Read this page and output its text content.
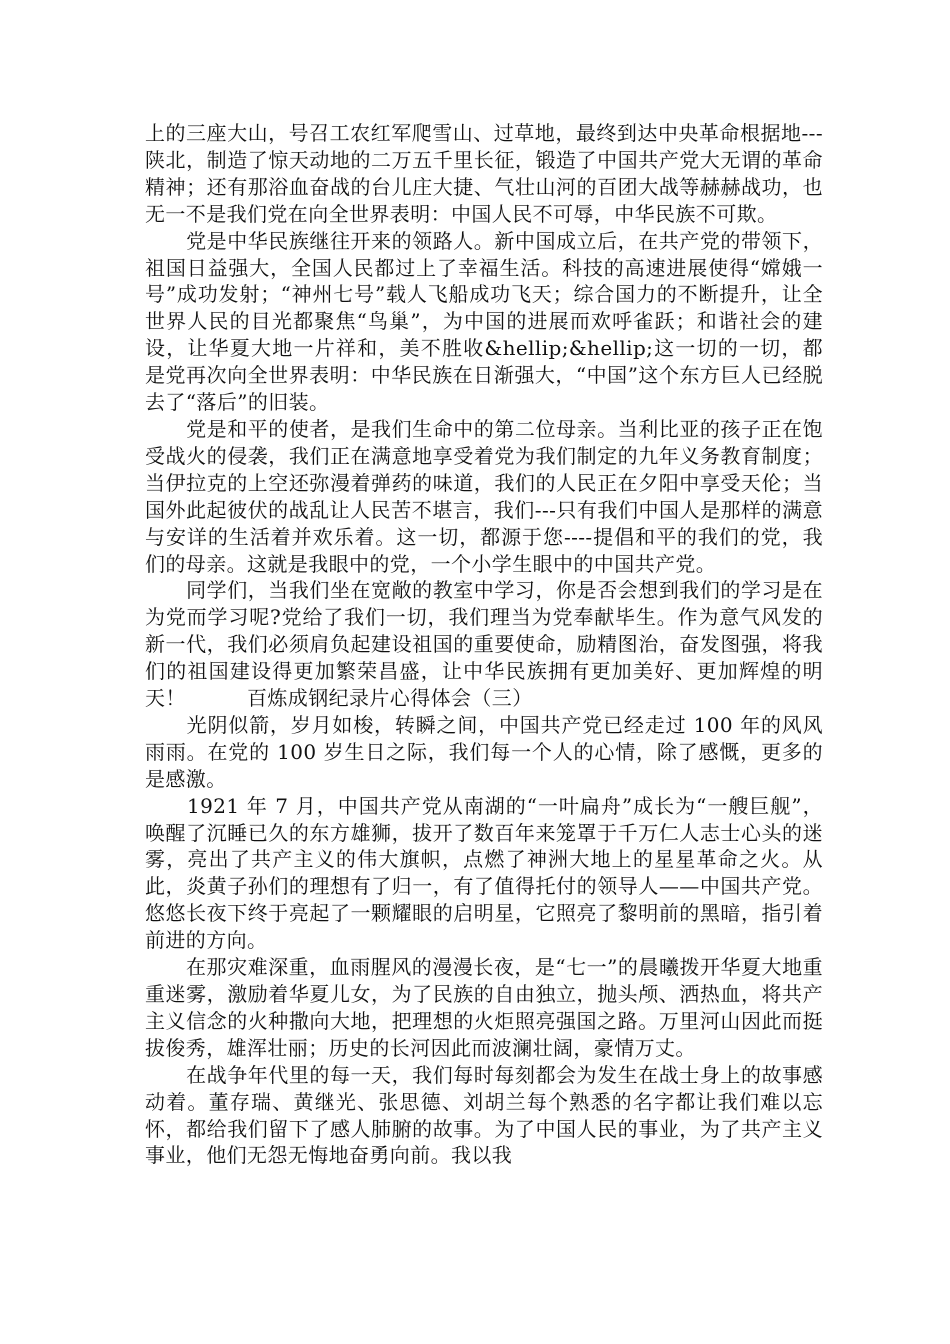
上的三座大山，号召工农红军爬雪山、过草地，最终到达中央革命根据地---陕北，制造了惊天动地的二万五千里长征，锻造了中国共产党大无谓的革命精神；还有那浴血奋战的台儿庄大捷、气壮山河的百团大战等赫赫战功，也无一不是我们党在向全世界表明：中国人民不可辱，中华民族不可欺。

　　党是中华民族继往开来的领路人。新中国成立后，在共产党的带领下，祖国日益强大，全国人民都过上了幸福生活。科技的高速进展使得“嫦娥一号”成功发射；“神州七号”载人飞船成功飞天；综合国力的不断提升，让全世界人民的目光都聚焦“鸟巢”，为中国的进展而欢呼雀跃；和谐社会的建设，让华夏大地一片祥和，美不胜收&hellip;&hellip;这一切的一切，都是党再次向全世界表明：中华民族在日渐强大，“中国”这个东方巨人已经脱去了“落后”的旧装。

　　党是和平的使者，是我们生命中的第二位母亲。当利比亚的孩子正在饱受战火的侵袭，我们正在满意地享受着党为我们制定的九年义务教育制度；当伊拉克的上空还弥漫着弹药的味道，我们的人民正在夕阳中享受天伦；当国外此起彼伏的战乱让人民苦不堪言，我们---只有我们中国人是那样的满意与安详的生活着并欢乐着。这一切，都源于您----提倡和平的我们的党，我们的母亲。这就是我眼中的党，一个小学生眼中的中国共产党。

　　同学们，当我们坐在宽敞的教室中学习，你是否会想到我们的学习是在为党而学习呢?党给了我们一切，我们理当为党奉献毕生。作为意气风发的新一代，我们必须肩负起建设祖国的重要使命，励精图治，奋发图强，将我们的祖国建设得更加繁荣昌盛，让中华民族拥有更加美好、更加辉煌的明天！　　　百炼成钢纪录片心得体会（三）

　　光阴似箭，岁月如梭，转瞬之间，中国共产党已经走过 100 年的风风雨雨。在党的 100 岁生日之际，我们每一个人的心情，除了感慨，更多的是感激。

　　1921 年 7 月，中国共产党从南湖的“一叶扁舟”成长为“一艘巨舰”，唤醒了沉睡已久的东方雄狮，拔开了数百年来笼罩于千万仁人志士心头的迷雾，亮出了共产主义的伟大旗帜，点燃了神洲大地上的星星革命之火。从此，炎黄子孙们的理想有了归一，有了值得托付的领导人——中国共产党。悠悠长夜下终于亮起了一颗耀眼的启明星，它照亮了黎明前的黑暗，指引着前进的方向。

　　在那灾难深重，血雨腥风的漫漫长夜，是“七一”的晨曦拨开华夏大地重重迷雾，激励着华夏儿女，为了民族的自由独立，抛头颅、洒热血，将共产主义信念的火种撒向大地，把理想的火炬照亮强国之路。万里河山因此而挺拔俊秀，雄浑壮丽；历史的长河因此而波澜壮阔，豪情万丈。

　　在战争年代里的每一天，我们每时每刻都会为发生在战士身上的故事感动着。董存瑞、黄继光、张思德、刘胡兰每个熟悉的名字都让我们难以忘怀，都给我们留下了感人肺腑的故事。为了中国人民的事业，为了共产主义事业，他们无怨无悔地奋勇向前。我以我
